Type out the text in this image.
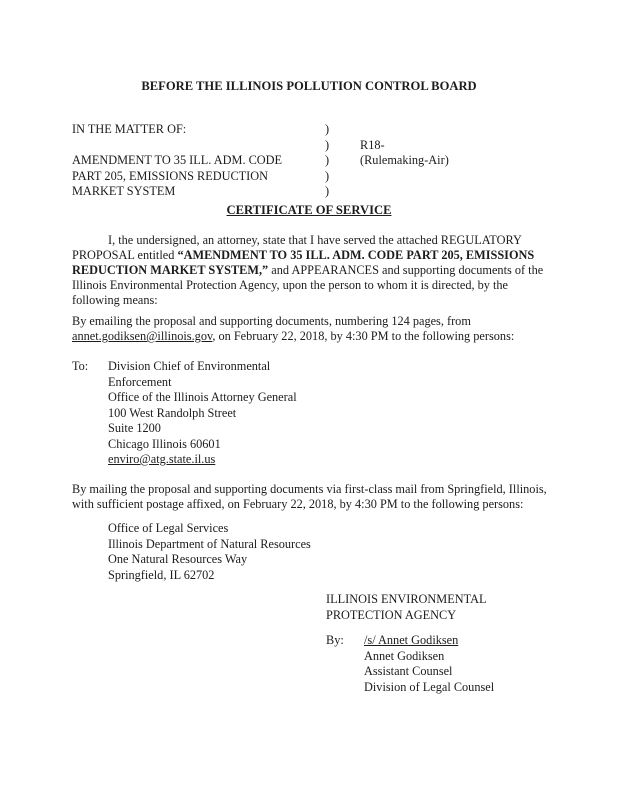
BEFORE THE ILLINOIS POLLUTION CONTROL BOARD
IN THE MATTER OF:
AMENDMENT TO 35 ILL. ADM. CODE
PART 205, EMISSIONS REDUCTION
MARKET SYSTEM
)
)
)
)
)
R18-
(Rulemaking-Air)
CERTIFICATE OF SERVICE
I, the undersigned, an attorney, state that I have served the attached REGULATORY PROPOSAL entitled “AMENDMENT TO 35 ILL. ADM. CODE PART 205, EMISSIONS REDUCTION MARKET SYSTEM,” and APPEARANCES and supporting documents of the Illinois Environmental Protection Agency, upon the person to whom it is directed, by the following means:
By emailing the proposal and supporting documents, numbering 124 pages, from annet.godiksen@illinois.gov, on February 22, 2018, by 4:30 PM to the following persons:
To: Division Chief of Environmental
Enforcement
Office of the Illinois Attorney General
100 West Randolph Street
Suite 1200
Chicago Illinois 60601
enviro@atg.state.il.us
By mailing the proposal and supporting documents via first-class mail from Springfield, Illinois, with sufficient postage affixed, on February 22, 2018, by 4:30 PM to the following persons:
Office of Legal Services
Illinois Department of Natural Resources
One Natural Resources Way
Springfield, IL 62702
ILLINOIS ENVIRONMENTAL
PROTECTION AGENCY
By: /s/ Annet Godiksen
Annet Godiksen
Assistant Counsel
Division of Legal Counsel
